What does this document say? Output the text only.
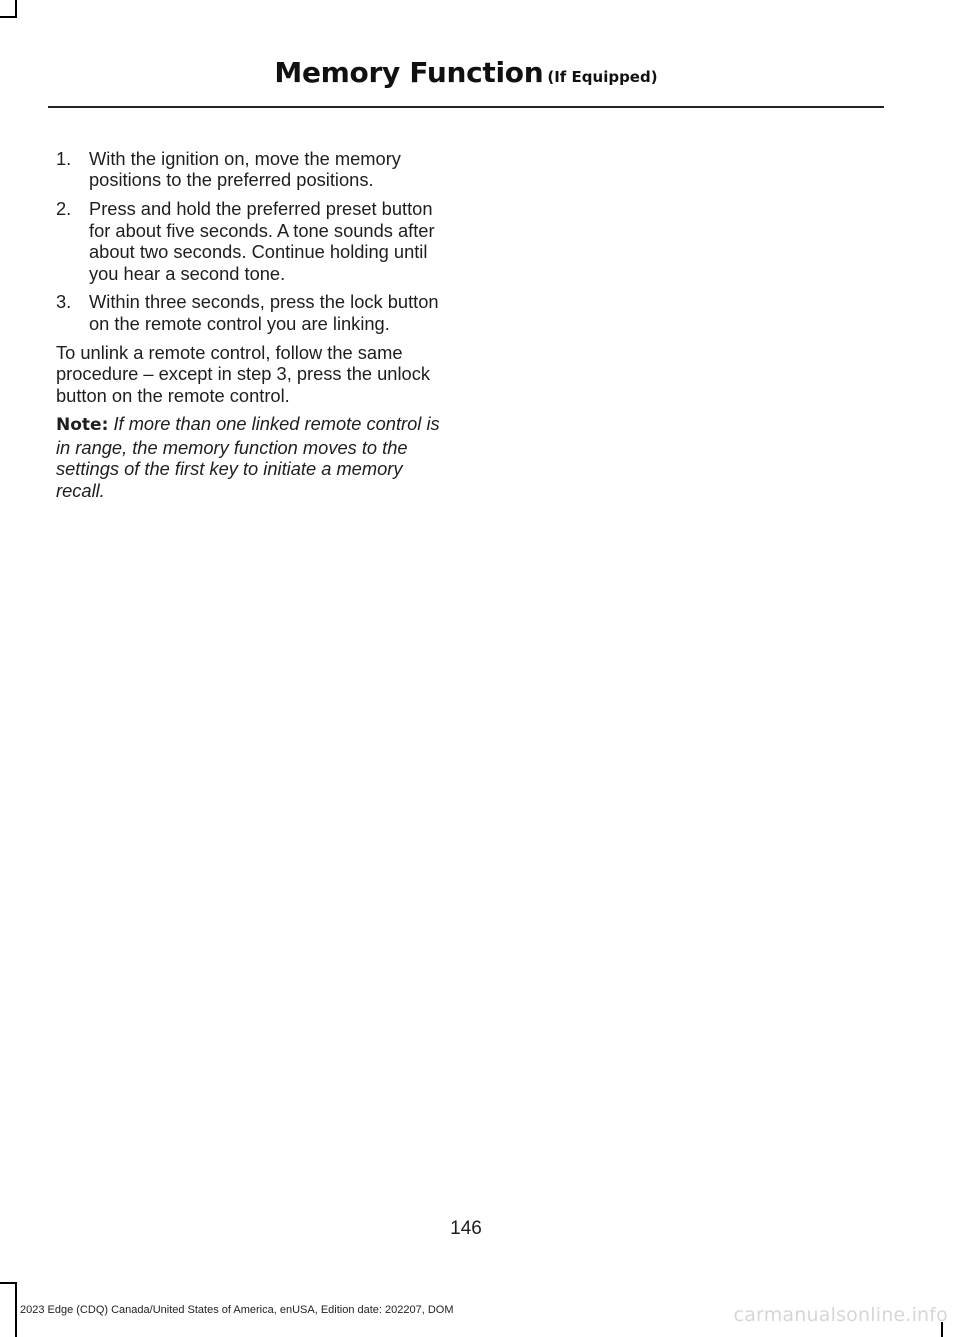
Memory Function (If Equipped)
1. With the ignition on, move the memory positions to the preferred positions.
2. Press and hold the preferred preset button for about five seconds. A tone sounds after about two seconds. Continue holding until you hear a second tone.
3. Within three seconds, press the lock button on the remote control you are linking.

To unlink a remote control, follow the same procedure – except in step 3, press the unlock button on the remote control.

Note: If more than one linked remote control is in range, the memory function moves to the settings of the first key to initiate a memory recall.

146
2023 Edge (CDQ) Canada/United States of America, enUSA, Edition date: 202207, DOM	carmanualsonline.info
